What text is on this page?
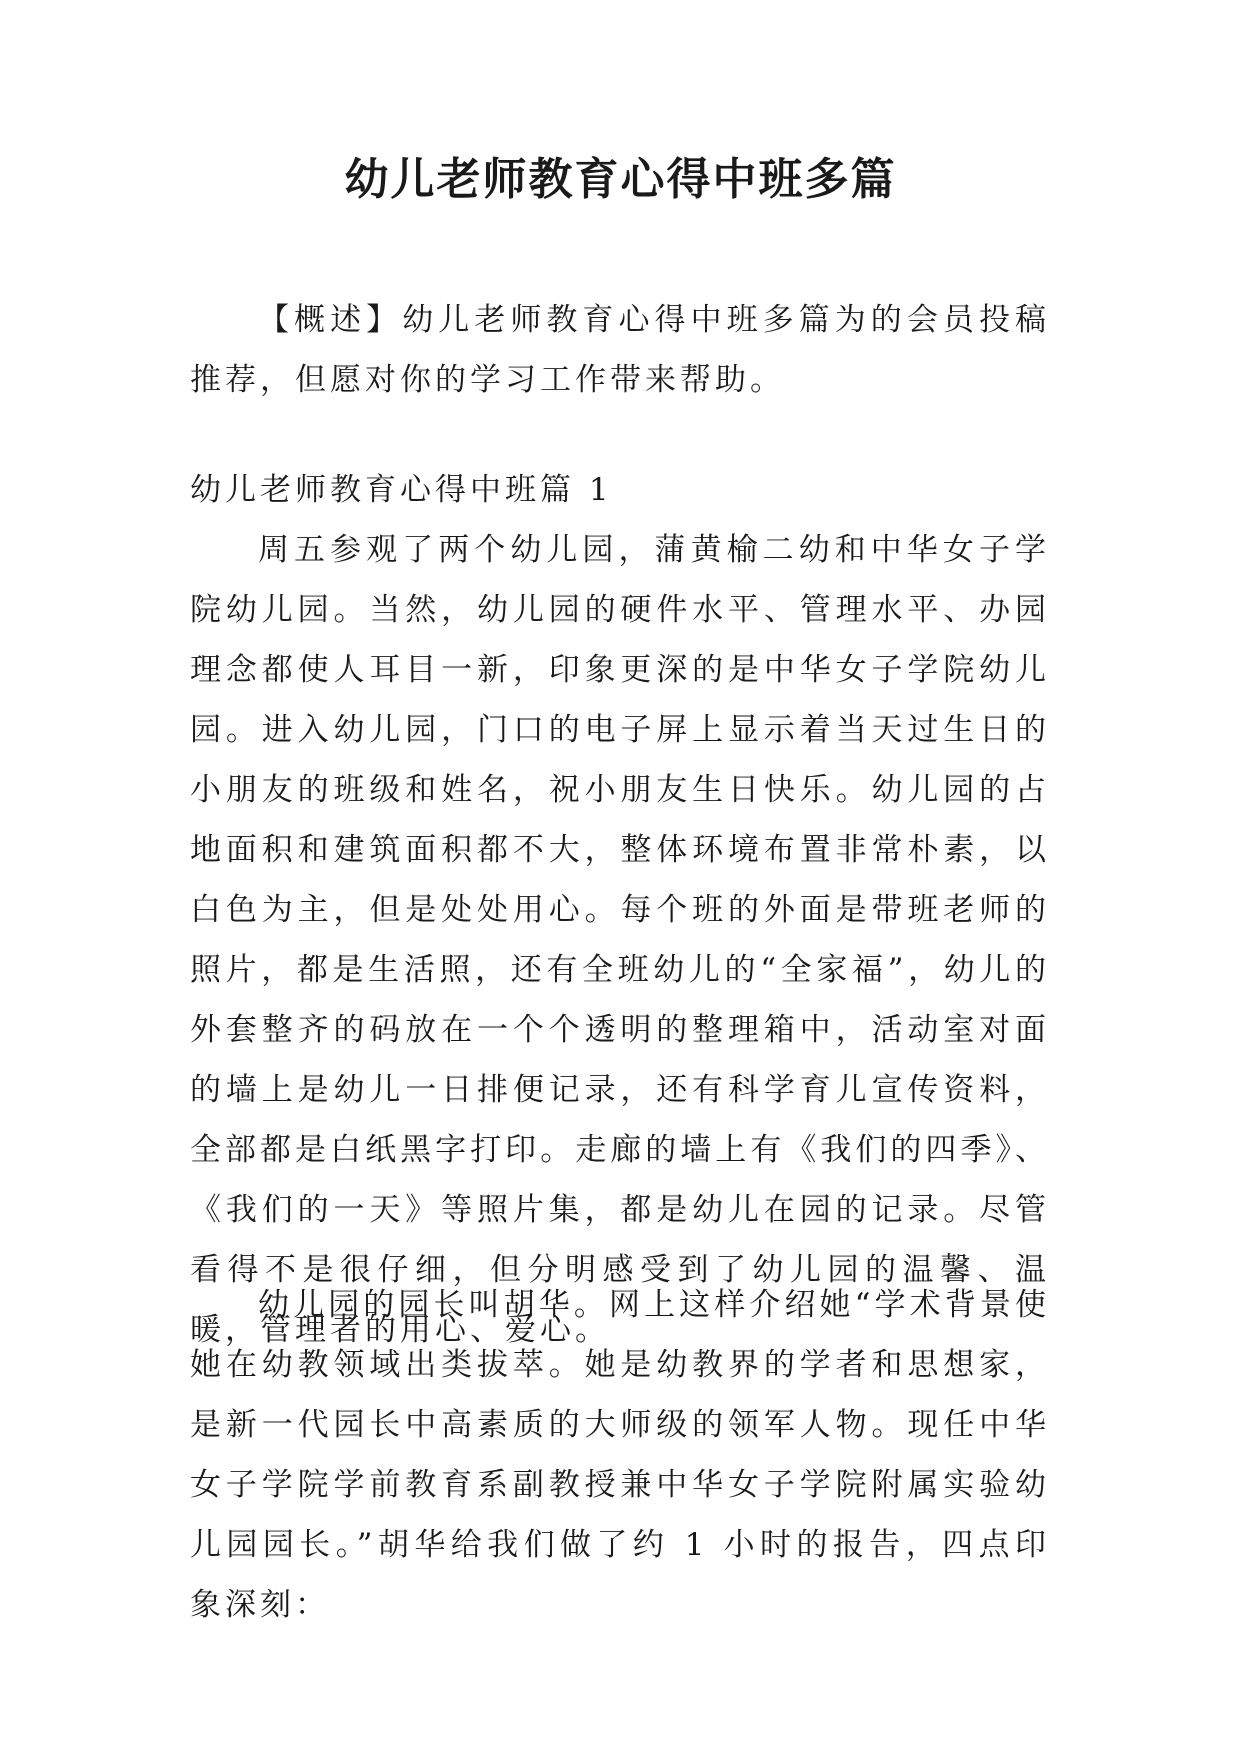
幼儿老师教育心得中班多篇

【概述】幼儿老师教育心得中班多篇为的会员投稿推荐，但愿对你的学习工作带来帮助。

幼儿老师教育心得中班篇 1

周五参观了两个幼儿园，蒲黄榆二幼和中华女子学院幼儿园。当然，幼儿园的硬件水平、管理水平、办园理念都使人耳目一新，印象更深的是中华女子学院幼儿园。进入幼儿园，门口的电子屏上显示着当天过生日的小朋友的班级和姓名，祝小朋友生日快乐。幼儿园的占地面积和建筑面积都不大，整体环境布置非常朴素，以白色为主，但是处处用心。每个班的外面是带班老师的照片，都是生活照，还有全班幼儿的“全家福”，幼儿的外套整齐的码放在一个个透明的整理箱中，活动室对面的墙上是幼儿一日排便记录，还有科学育儿宣传资料，全部都是白纸黑字打印。走廊的墙上有《我们的四季》、《我们的一天》等照片集，都是幼儿在园的记录。尽管看得不是很仔细，但分明感受到了幼儿园的温馨、温暖，管理者的用心、爱心。

幼儿园的园长叫胡华。网上这样介绍她“学术背景使她在幼教领域出类拔萃。她是幼教界的学者和思想家，是新一代园长中高素质的大师级的领军人物。现任中华女子学院学前教育系副教授兼中华女子学院附属实验幼儿园园长。”胡华给我们做了约 1 小时的报告，四点印象深刻：
